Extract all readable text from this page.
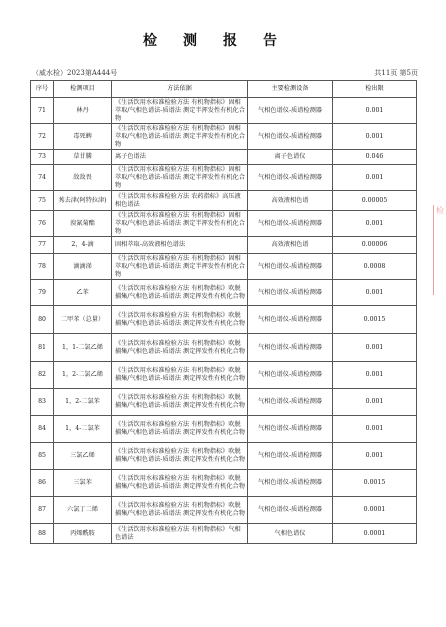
检测报告
（威水检）2023第A444号	共11页 第5页
序号	检测项目	方法依据	主要检测设备	检出限
71	林丹	《生活饮用水标准检验方法 有机物指标》固相萃取/气相色谱法-质谱法 测定半挥发性有机化合物	气相色谱仪-质谱检测器	0.001
72	毒死蜱	《生活饮用水标准检验方法 有机物指标》固相萃取/气相色谱法-质谱法 测定半挥发性有机化合物	气相色谱仪-质谱检测器	0.001
73	草甘膦	离子色谱法	离子色谱仪	0.046
74	敌敌畏	《生活饮用水标准检验方法 有机物指标》固相萃取/气相色谱法-质谱法 测定半挥发性有机化合物	气相色谱仪-质谱检测器	0.001
75	莠去津(阿特拉津)	《生活饮用水标准检验方法 农药指标》高压液相色谱法	高效液相色谱	0.00005
76	溴氰菊酯	《生活饮用水标准检验方法 有机物指标》固相萃取/气相色谱法-质谱法 测定半挥发性有机化合物	气相色谱仪-质谱检测器	0.001
77	2，4-滴	固相萃取-高效液相色谱法	高效液相色谱	0.00006
78	滴滴涕	《生活饮用水标准检验方法 有机物指标》固相萃取/气相色谱法-质谱法 测定半挥发性有机化合物	气相色谱仪-质谱检测器	0.0008
79	乙苯	《生活饮用水标准检验方法 有机物指标》吹脱捕集/气相色谱法-质谱法 测定挥发性有机化合物	气相色谱仪-质谱检测器	0.001
80	二甲苯（总量）	《生活饮用水标准检验方法 有机物指标》吹脱捕集/气相色谱法-质谱法 测定挥发性有机化合物	气相色谱仪-质谱检测器	0.0015
81	1，1-二氯乙烯	《生活饮用水标准检验方法 有机物指标》吹脱捕集/气相色谱法-质谱法 测定挥发性有机化合物	气相色谱仪-质谱检测器	0.001
82	1，2-二氯乙烯	《生活饮用水标准检验方法 有机物指标》吹脱捕集/气相色谱法-质谱法 测定挥发性有机化合物	气相色谱仪-质谱检测器	0.001
83	1，2-二氯苯	《生活饮用水标准检验方法 有机物指标》吹脱捕集/气相色谱法-质谱法 测定挥发性有机化合物	气相色谱仪-质谱检测器	0.001
84	1，4-二氯苯	《生活饮用水标准检验方法 有机物指标》吹脱捕集/气相色谱法-质谱法 测定挥发性有机化合物	气相色谱仪-质谱检测器	0.001
85	三氯乙烯	《生活饮用水标准检验方法 有机物指标》吹脱捕集/气相色谱法-质谱法 测定挥发性有机化合物	气相色谱仪-质谱检测器	0.001
86	三氯苯	《生活饮用水标准检验方法 有机物指标》吹脱捕集/气相色谱法-质谱法 测定挥发性有机化合物	气相色谱仪-质谱检测器	0.0015
87	六氯丁二烯	《生活饮用水标准检验方法 有机物指标》吹脱捕集/气相色谱法-质谱法 测定挥发性有机化合物	气相色谱仪-质谱检测器	0.0001
88	丙烯酰胺	《生活饮用水标准检验方法 有机物指标》气相色谱法	气相色谱仪	0.0001
检
